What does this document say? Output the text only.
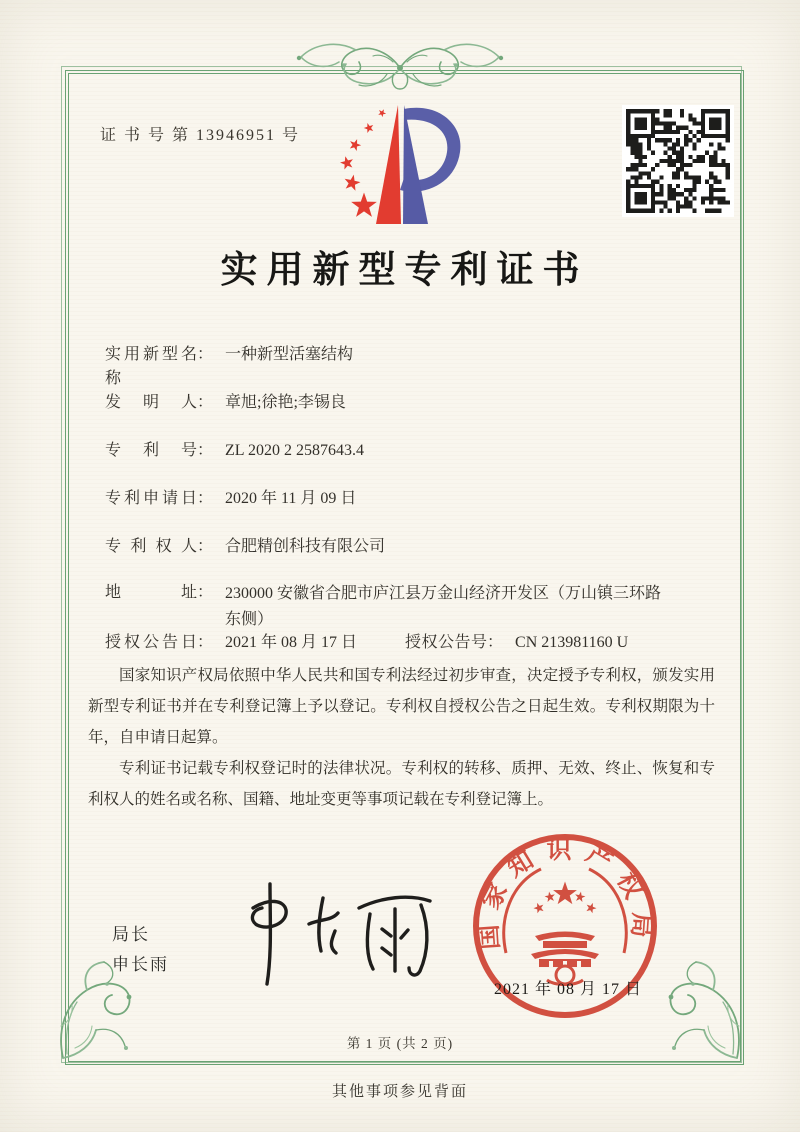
证 书 号 第 13946951 号
实用新型专利证书
实用新型名称： 一种新型活塞结构
发明人： 章旭;徐艳;李锡良
专利号： ZL 2020 2 2587643.4
专利申请日： 2020 年 11 月 09 日
专利权人： 合肥精创科技有限公司
地址： 230000 安徽省合肥市庐江县万金山经济开发区（万山镇三环路东侧）
授权公告日： 2021 年 08 月 17 日	授权公告号： CN 213981160 U

国家知识产权局依照中华人民共和国专利法经过初步审查，决定授予专利权，颁发实用新型专利证书并在专利登记簿上予以登记。专利权自授权公告之日起生效。专利权期限为十年，自申请日起算。

专利证书记载专利权登记时的法律状况。专利权的转移、质押、无效、终止、恢复和专利权人的姓名或名称、国籍、地址变更等事项记载在专利登记簿上。

局长
申长雨
国家知识产权局
2021 年 08 月 17 日
第 1 页 (共 2 页)
其他事项参见背面
